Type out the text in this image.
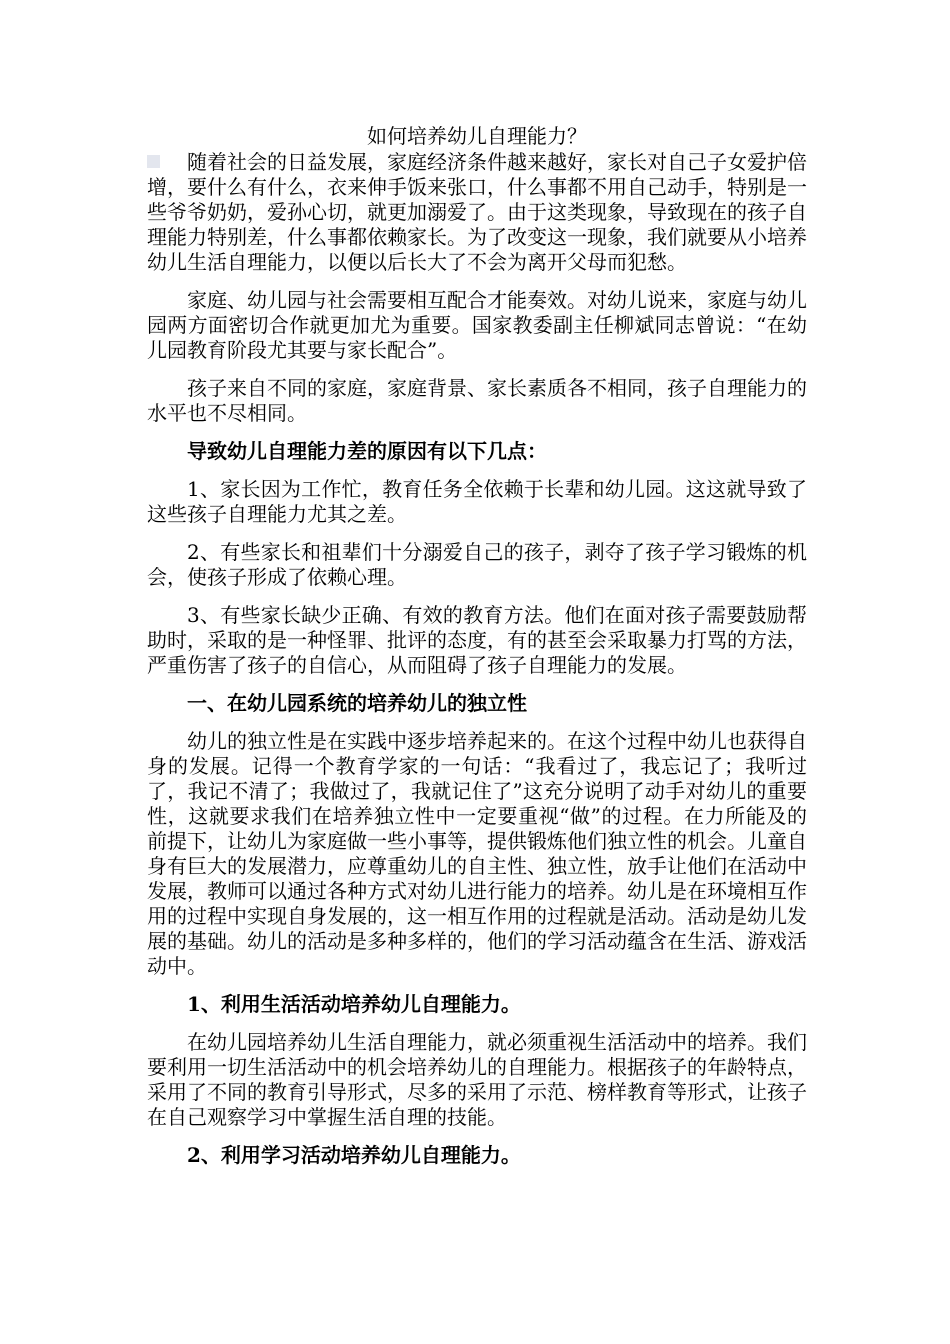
如何培养幼儿自理能力？

随着社会的日益发展，家庭经济条件越来越好，家长对自己子女爱护倍增，要什么有什么，衣来伸手饭来张口，什么事都不用自己动手，特别是一些爷爷奶奶，爱孙心切，就更加溺爱了。由于这类现象，导致现在的孩子自理能力特别差，什么事都依赖家长。为了改变这一现象，我们就要从小培养幼儿生活自理能力，以便以后长大了不会为离开父母而犯愁。

家庭、幼儿园与社会需要相互配合才能奏效。对幼儿说来，家庭与幼儿园两方面密切合作就更加尤为重要。国家教委副主任柳斌同志曾说：“在幼儿园教育阶段尤其要与家长配合”。

孩子来自不同的家庭，家庭背景、家长素质各不相同，孩子自理能力的水平也不尽相同。

导致幼儿自理能力差的原因有以下几点：

1、家长因为工作忙，教育任务全依赖于长辈和幼儿园。这这就导致了这些孩子自理能力尤其之差。

2、有些家长和祖辈们十分溺爱自己的孩子，剥夺了孩子学习锻炼的机会，使孩子形成了依赖心理。

3、有些家长缺少正确、有效的教育方法。他们在面对孩子需要鼓励帮助时，采取的是一种怪罪、批评的态度，有的甚至会采取暴力打骂的方法，严重伤害了孩子的自信心，从而阻碍了孩子自理能力的发展。

一、在幼儿园系统的培养幼儿的独立性

幼儿的独立性是在实践中逐步培养起来的。在这个过程中幼儿也获得自身的发展。记得一个教育学家的一句话：“我看过了，我忘记了；我听过了，我记不清了；我做过了，我就记住了”这充分说明了动手对幼儿的重要性，这就要求我们在培养独立性中一定要重视“做”的过程。在力所能及的前提下，让幼儿为家庭做一些小事等，提供锻炼他们独立性的机会。儿童自身有巨大的发展潜力，应尊重幼儿的自主性、独立性，放手让他们在活动中发展，教师可以通过各种方式对幼儿进行能力的培养。幼儿是在环境相互作用的过程中实现自身发展的，这一相互作用的过程就是活动。活动是幼儿发展的基础。幼儿的活动是多种多样的，他们的学习活动蕴含在生活、游戏活动中。

1、利用生活活动培养幼儿自理能力。

在幼儿园培养幼儿生活自理能力，就必须重视生活活动中的培养。我们要利用一切生活活动中的机会培养幼儿的自理能力。根据孩子的年龄特点，采用了不同的教育引导形式，尽多的采用了示范、榜样教育等形式，让孩子在自己观察学习中掌握生活自理的技能。

2、利用学习活动培养幼儿自理能力。
